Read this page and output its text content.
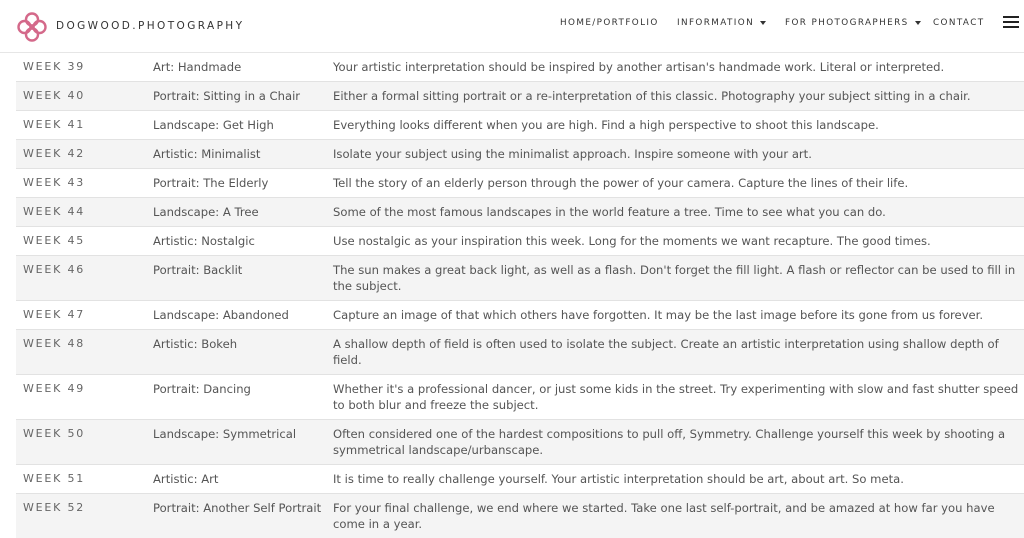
DOGWOOD.PHOTOGRAPHY	HOME/PORTFOLIO INFORMATION	FOR PHOTOGRAPHERS	CONTACT
WEEK 39	Art: Handmade	Your artistic interpretation should be inspired by another artisan's handmade work. Literal or interpreted.
WEEK 40	Portrait: Sitting in a Chair	Either a formal sitting portrait or a re-interpretation of this classic. Photography your subject sitting in a chair.
WEEK 41	Landscape: Get High	Everything looks different when you are high. Find a high perspective to shoot this landscape.
WEEK 42	Artistic: Minimalist	Isolate your subject using the minimalist approach. Inspire someone with your art.
WEEK 43	Portrait: The Elderly	Tell the story of an elderly person through the power of your camera. Capture the lines of their life.
WEEK 44	Landscape: A Tree	Some of the most famous landscapes in the world feature a tree. Time to see what you can do.
WEEK 45	Artistic: Nostalgic	Use nostalgic as your inspiration this week. Long for the moments we want recapture. The good times.
WEEK 46	Portrait: Backlit	The sun makes a great back light, as well as a flash. Don't forget the fill light. A flash or reflector can be used to fill in the subject.
WEEK 47	Landscape: Abandoned	Capture an image of that which others have forgotten. It may be the last image before its gone from us forever.
WEEK 48	Artistic: Bokeh	A shallow depth of field is often used to isolate the subject. Create an artistic interpretation using shallow depth of field.
WEEK 49	Portrait: Dancing	Whether it's a professional dancer, or just some kids in the street. Try experimenting with slow and fast shutter speed to both blur and freeze the subject.
WEEK 50	Landscape: Symmetrical	Often considered one of the hardest compositions to pull off, Symmetry. Challenge yourself this week by shooting a symmetrical landscape/urbanscape.
WEEK 51	Artistic: Art	It is time to really challenge yourself. Your artistic interpretation should be art, about art. So meta.
WEEK 52	Portrait: Another Self Portrait	For your final challenge, we end where we started. Take one last self-portrait, and be amazed at how far you have come in a year.
